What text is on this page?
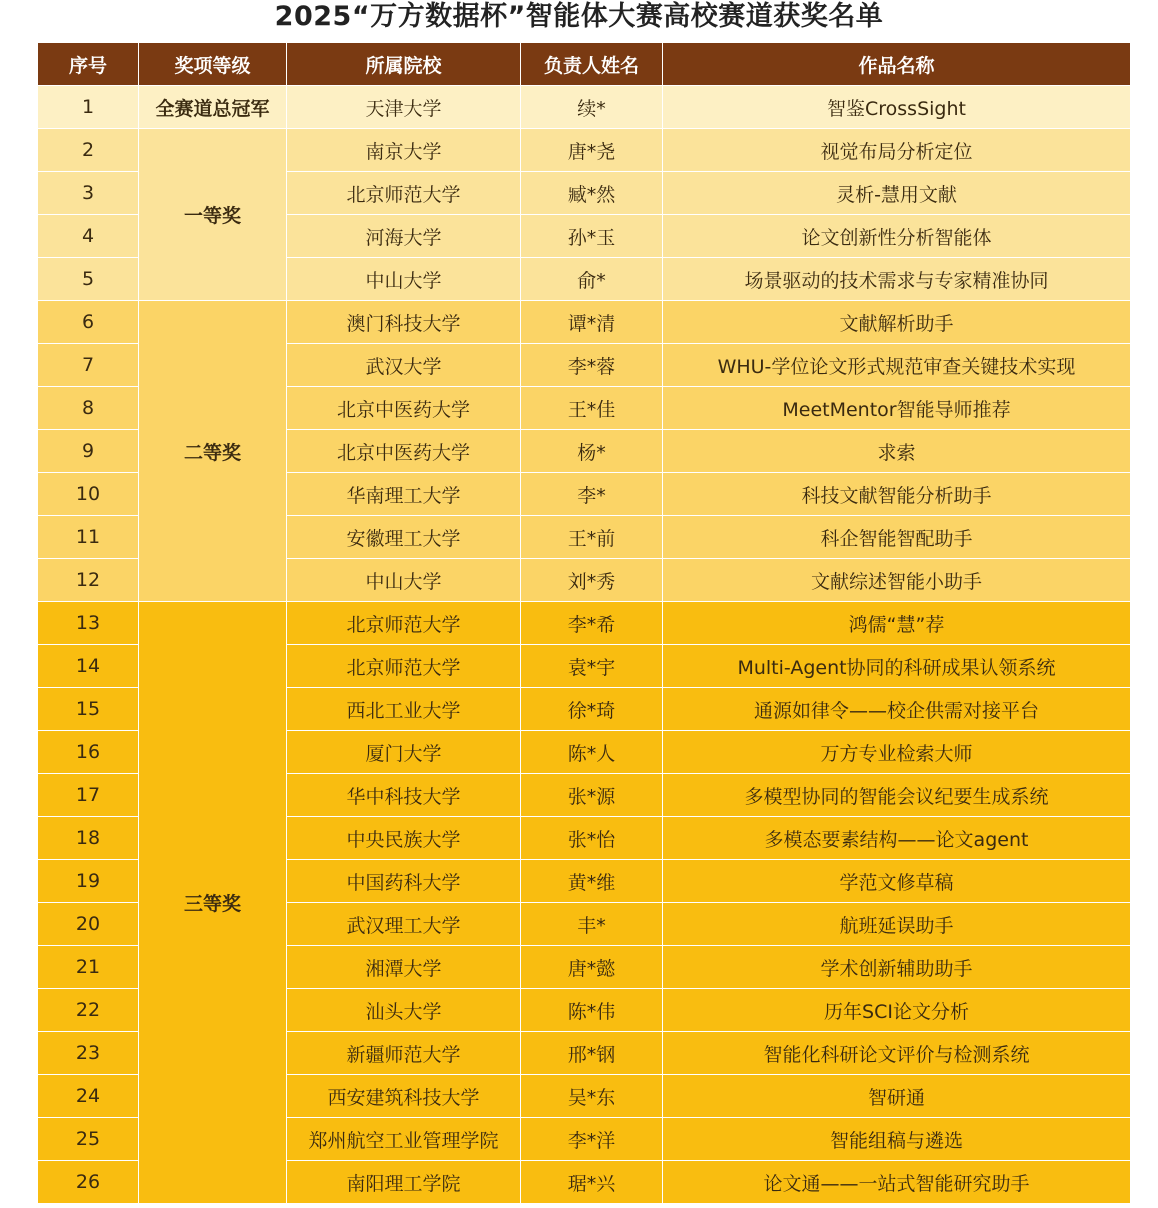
2025“万方数据杯”智能体大赛高校赛道获奖名单
序号	奖项等级	所属院校	负责人姓名	作品名称
1	全赛道总冠军	天津大学	续*	智鉴CrossSight
2	一等奖	南京大学	唐*尧	视觉布局分析定位
3		北京师范大学	臧*然	灵析-慧用文献
4		河海大学	孙*玉	论文创新性分析智能体
5		中山大学	俞*	场景驱动的技术需求与专家精准协同
6	二等奖	澳门科技大学	谭*清	文献解析助手
7		武汉大学	李*蓉	WHU-学位论文形式规范审查关键技术实现
8		北京中医药大学	王*佳	MeetMentor智能导师推荐
9		北京中医药大学	杨*	求索
10		华南理工大学	李*	科技文献智能分析助手
11		安徽理工大学	王*前	科企智能智配助手
12		中山大学	刘*秀	文献综述智能小助手
13	三等奖	北京师范大学	李*希	鸿儒“慧”荐
14		北京师范大学	袁*宇	Multi-Agent协同的科研成果认领系统
15		西北工业大学	徐*琦	通源如律令——校企供需对接平台
16		厦门大学	陈*人	万方专业检索大师
17		华中科技大学	张*源	多模型协同的智能会议纪要生成系统
18		中央民族大学	张*怡	多模态要素结构——论文agent
19		中国药科大学	黄*维	学范文修草稿
20		武汉理工大学	丰*	航班延误助手
21		湘潭大学	唐*懿	学术创新辅助助手
22		汕头大学	陈*伟	历年SCI论文分析
23		新疆师范大学	邢*钢	智能化科研论文评价与检测系统
24		西安建筑科技大学	吴*东	智研通
25		郑州航空工业管理学院	李*洋	智能组稿与遴选
26		南阳理工学院	琚*兴	论文通——一站式智能研究助手
